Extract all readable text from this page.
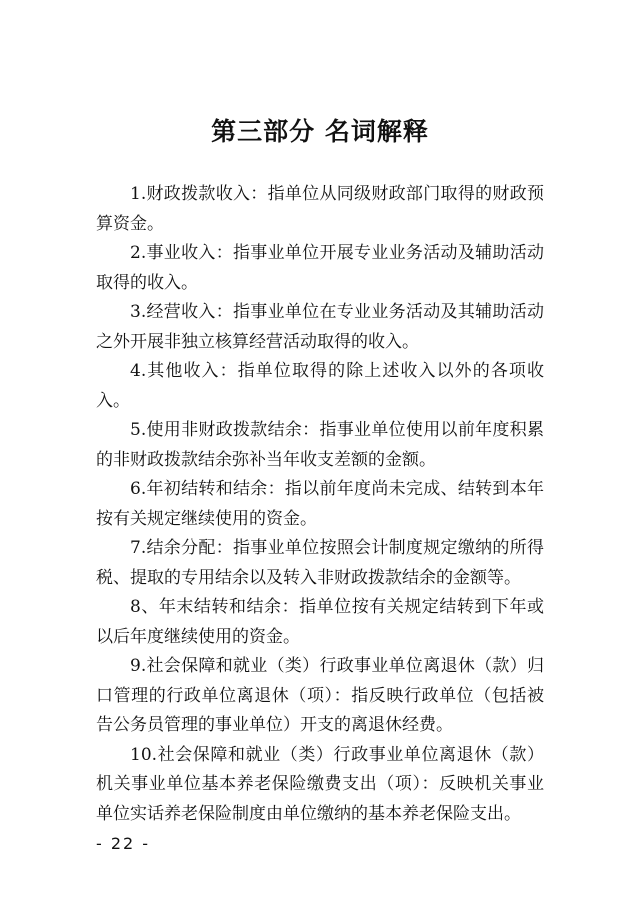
第三部分 名词解释

1.财政拨款收入：指单位从同级财政部门取得的财政预算资金。

2.事业收入：指事业单位开展专业业务活动及辅助活动取得的收入。

3.经营收入：指事业单位在专业业务活动及其辅助活动之外开展非独立核算经营活动取得的收入。

4.其他收入：指单位取得的除上述收入以外的各项收入。

5.使用非财政拨款结余：指事业单位使用以前年度积累的非财政拨款结余弥补当年收支差额的金额。

6.年初结转和结余：指以前年度尚未完成、结转到本年按有关规定继续使用的资金。

7.结余分配：指事业单位按照会计制度规定缴纳的所得税、提取的专用结余以及转入非财政拨款结余的金额等。

8、年末结转和结余：指单位按有关规定结转到下年或以后年度继续使用的资金。

9.社会保障和就业（类）行政事业单位离退休（款）归口管理的行政单位离退休（项）：指反映行政单位（包括被告公务员管理的事业单位）开支的离退休经费。

10.社会保障和就业（类）行政事业单位离退休（款）机关事业单位基本养老保险缴费支出（项）：反映机关事业单位实话养老保险制度由单位缴纳的基本养老保险支出。

- 22 -
